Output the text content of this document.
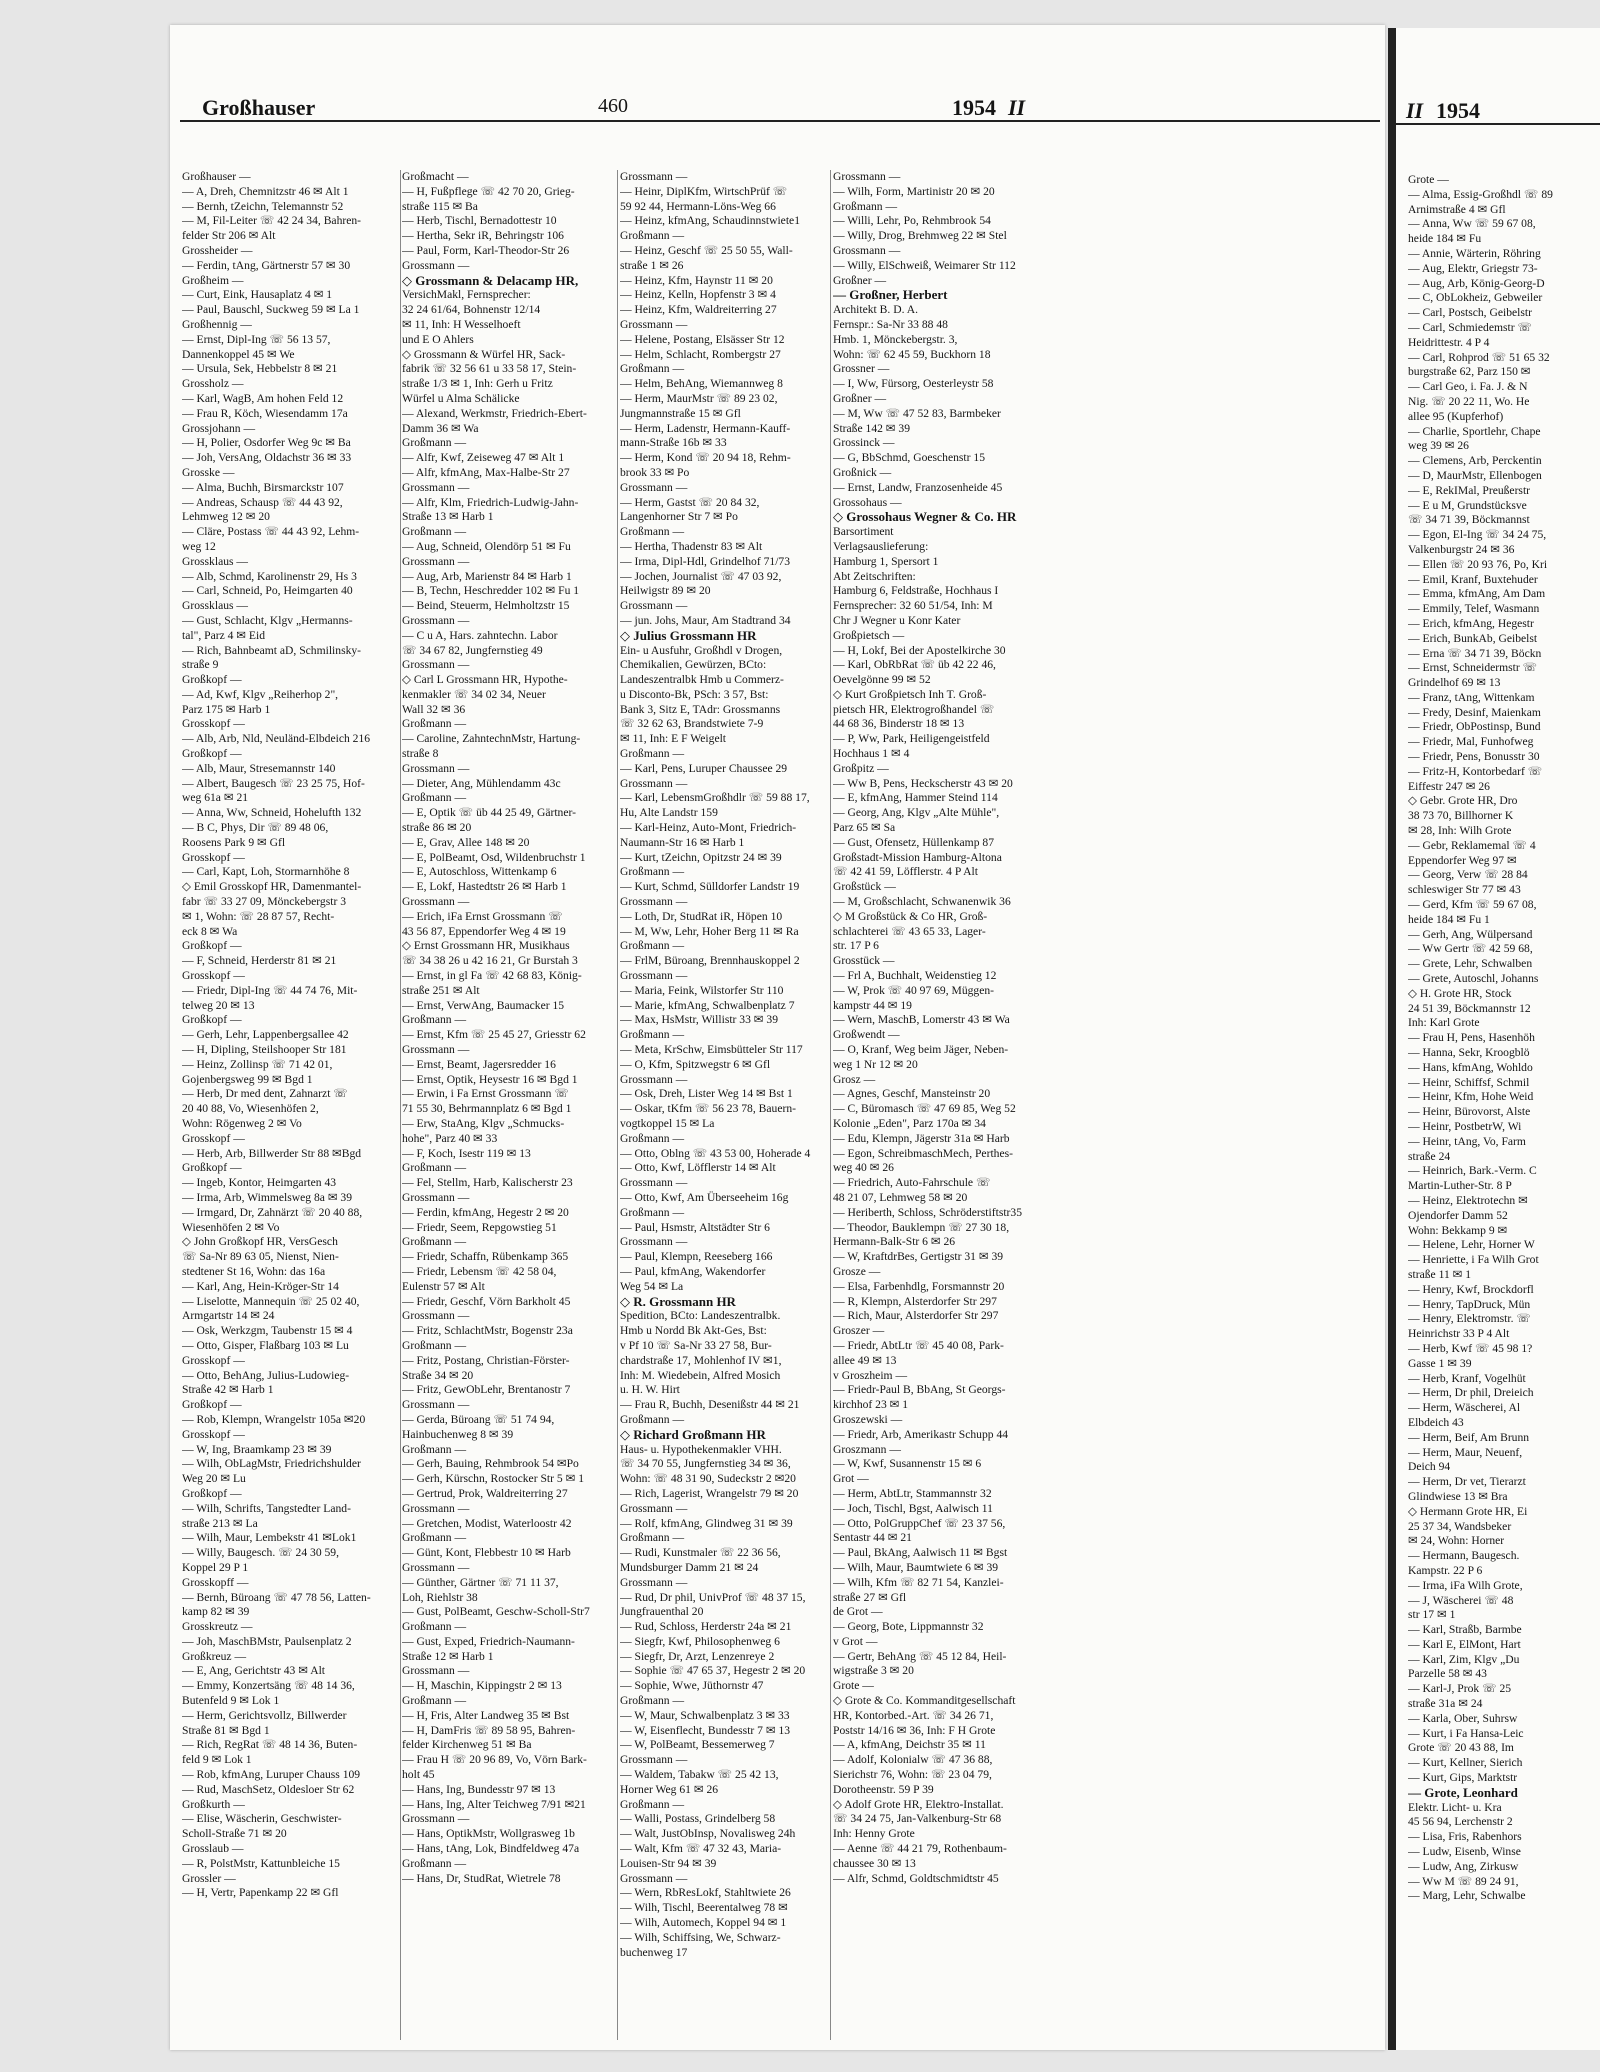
Großhauser	460	1954 II
Großhauser —
— A, Dreh, Chemnitzstr 46 ✉ Alt 1
— Bernh, tZeichn, Telemannstr 52
— M, Fil-Leiter ☏ 42 24 34, Bahren-
felder Str 206 ✉ Alt
Grossheider —
— Ferdin, tAng, Gärtnerstr 57 ✉ 30
Großheim —
— Curt, Eink, Hausaplatz 4 ✉ 1
— Paul, Bauschl, Suckweg 59 ✉ La 1
Großhennig —
— Ernst, Dipl-Ing ☏ 56 13 57,
Dannenkoppel 45 ✉ We
— Ursula, Sek, Hebbelstr 8 ✉ 21
Grossholz —
— Karl, WagB, Am hohen Feld 12
— Frau R, Köch, Wiesendamm 17a
Grossjohann —
— H, Polier, Osdorfer Weg 9c ✉ Ba
— Joh, VersAng, Oldachstr 36 ✉ 33
Grosske —
— Alma, Buchh, Birsmarckstr 107
— Andreas, Schausp ☏ 44 43 92,
Lehmweg 12 ✉ 20
— Cläre, Postass ☏ 44 43 92, Lehm-
weg 12
Grossklaus —
— Alb, Schmd, Karolinenstr 29, Hs 3
— Carl, Schneid, Po, Heimgarten 40
Grossklaus —
— Gust, Schlacht, Klgv „Hermanns-
tal", Parz 4 ✉ Eid
— Rich, Bahnbeamt aD, Schmilinsky-
straße 9
Großkopf —
— Ad, Kwf, Klgv „Reiherhop 2",
Parz 175 ✉ Harb 1
Grosskopf —
— Alb, Arb, Nld, Neuländ-Elbdeich 216
Großkopf —
— Alb, Maur, Stresemannstr 140
— Albert, Baugesch ☏ 23 25 75, Hof-
weg 61a ✉ 21
— Anna, Ww, Schneid, Hohelufth 132
— B C, Phys, Dir ☏ 89 48 06,
Roosens Park 9 ✉ Gfl
Grosskopf —
— Carl, Kapt, Loh, Stormarnhöhe 8
◇ Emil Grosskopf HR, Damenmantel-
fabr ☏ 33 27 09, Mönckebergstr 3
✉ 1, Wohn: ☏ 28 87 57, Recht-
eck 8 ✉ Wa
Großkopf —
— F, Schneid, Herderstr 81 ✉ 21
Grosskopf —
— Friedr, Dipl-Ing ☏ 44 74 76, Mit-
telweg 20 ✉ 13
Großkopf —
— Gerh, Lehr, Lappenbergsallee 42
— H, Dipling, Steilshooper Str 181
— Heinz, Zollinsp ☏ 71 42 01,
Gojenbergsweg 99 ✉ Bgd 1
— Herb, Dr med dent, Zahnarzt ☏
20 40 88, Vo, Wiesenhöfen 2,
Wohn: Rögenweg 2 ✉ Vo
Grosskopf —
— Herb, Arb, Billwerder Str 88 ✉Bgd
Großkopf —
— Ingeb, Kontor, Heimgarten 43
— Irma, Arb, Wimmelsweg 8a ✉ 39
— Irmgard, Dr, Zahnärzt ☏ 20 40 88,
Wiesenhöfen 2 ✉ Vo
◇ John Großkopf HR, VersGesch
☏ Sa-Nr 89 63 05, Nienst, Nien-
stedtener St 16, Wohn: das 16a
— Karl, Ang, Hein-Kröger-Str 14
— Liselotte, Mannequin ☏ 25 02 40,
Armgartstr 14 ✉ 24
— Osk, Werkzgm, Taubenstr 15 ✉ 4
— Otto, Gisper, Flaßbarg 103 ✉ Lu
Grosskopf —
— Otto, BehAng, Julius-Ludowieg-
Straße 42 ✉ Harb 1
Großkopf —
— Rob, Klempn, Wrangelstr 105a ✉20
Grosskopf —
— W, Ing, Braamkamp 23 ✉ 39
— Wilh, ObLagMstr, Friedrichshulder
Weg 20 ✉ Lu
Großkopf —
— Wilh, Schrifts, Tangstedter Land-
straße 213 ✉ La
— Wilh, Maur, Lembekstr 41 ✉Lok1
— Willy, Baugesch. ☏ 24 30 59,
Koppel 29 P 1
Grosskopff —
— Bernh, Büroang ☏ 47 78 56, Latten-
kamp 82 ✉ 39
Grosskreutz —
— Joh, MaschBMstr, Paulsenplatz 2
Großkreuz —
— E, Ang, Gerichtstr 43 ✉ Alt
— Emmy, Konzertsäng ☏ 48 14 36,
Butenfeld 9 ✉ Lok 1
— Herm, Gerichtsvollz, Billwerder
Straße 81 ✉ Bgd 1
— Rich, RegRat ☏ 48 14 36, Buten-
feld 9 ✉ Lok 1
— Rob, kfmAng, Luruper Chauss 109
— Rud, MaschSetz, Oldesloer Str 62
Großkurth —
— Elise, Wäscherin, Geschwister-
Scholl-Straße 71 ✉ 20
Grosslaub —
— R, PolstMstr, Kattunbleiche 15
Grossler —
— H, Vertr, Papenkamp 22 ✉ Gfl
Großmacht —
— H, Fußpflege ☏ 42 70 20, Grieg-
straße 115 ✉ Ba
— Herb, Tischl, Bernadottestr 10
— Hertha, Sekr iR, Behringstr 106
— Paul, Form, Karl-Theodor-Str 26
Grossmann —
◇ Grossmann & Delacamp HR,
VersichMakl, Fernsprecher:
32 24 61/64, Bohnenstr 12/14
✉ 11, Inh: H Wesselhoeft
und E O Ahlers
◇ Grossmann & Würfel HR, Sack-
fabrik ☏ 32 56 61 u 33 58 17, Stein-
straße 1/3 ✉ 1, Inh: Gerh u Fritz
Würfel u Alma Schälicke
— Alexand, Werkmstr, Friedrich-Ebert-
Damm 36 ✉ Wa
Großmann —
— Alfr, Kwf, Zeiseweg 47 ✉ Alt 1
— Alfr, kfmAng, Max-Halbe-Str 27
Grossmann —
— Alfr, Klm, Friedrich-Ludwig-Jahn-
Straße 13 ✉ Harb 1
Großmann —
— Aug, Schneid, Olendörp 51 ✉ Fu
Grossmann —
— Aug, Arb, Marienstr 84 ✉ Harb 1
— B, Techn, Heschredder 102 ✉ Fu 1
— Beind, Steuerm, Helmholtzstr 15
Grossmann —
— C u A, Hars. zahntechn. Labor
☏ 34 67 82, Jungfernstieg 49
Grossmann —
◇ Carl L Grossmann HR, Hypothe-
kenmakler ☏ 34 02 34, Neuer
Wall 32 ✉ 36
Großmann —
— Caroline, ZahntechnMstr, Hartung-
straße 8
Grossmann —
— Dieter, Ang, Mühlendamm 43c
Großmann —
— E, Optik ☏ üb 44 25 49, Gärtner-
straße 86 ✉ 20
— E, Grav, Allee 148 ✉ 20
— E, PolBeamt, Osd, Wildenbruchstr 1
— E, Autoschloss, Wittenkamp 6
— E, Lokf, Hastedtstr 26 ✉ Harb 1
Grossmann —
— Erich, iFa Ernst Grossmann ☏
43 56 87, Eppendorfer Weg 4 ✉ 19
◇ Ernst Grossmann HR, Musikhaus
☏ 34 38 26 u 42 16 21, Gr Burstah 3
— Ernst, in gl Fa ☏ 42 68 83, König-
straße 251 ✉ Alt
— Ernst, VerwAng, Baumacker 15
Großmann —
— Ernst, Kfm ☏ 25 45 27, Griesstr 62
Grossmann —
— Ernst, Beamt, Jagersredder 16
— Ernst, Optik, Heysestr 16 ✉ Bgd 1
— Erwin, i Fa Ernst Grossmann ☏
71 55 30, Behrmannplatz 6 ✉ Bgd 1
— Erw, StaAng, Klgv „Schmucks-
hohe", Parz 40 ✉ 33
— F, Koch, Isestr 119 ✉ 13
Großmann —
— Fel, Stellm, Harb, Kalischerstr 23
Grossmann —
— Ferdin, kfmAng, Hegestr 2 ✉ 20
— Friedr, Seem, Repgowstieg 51
Großmann —
— Friedr, Schaffn, Rübenkamp 365
— Friedr, Lebensm ☏ 42 58 04,
Eulenstr 57 ✉ Alt
— Friedr, Geschf, Vörn Barkholt 45
Grossmann —
— Fritz, SchlachtMstr, Bogenstr 23a
Großmann —
— Fritz, Postang, Christian-Förster-
Straße 34 ✉ 20
— Fritz, GewObLehr, Brentanostr 7
Grossmann —
— Gerda, Büroang ☏ 51 74 94,
Hainbuchenweg 8 ✉ 39
Großmann —
— Gerh, Bauing, Rehmbrook 54 ✉Po
— Gerh, Kürschn, Rostocker Str 5 ✉ 1
— Gertrud, Prok, Waldreiterring 27
Grossmann —
— Gretchen, Modist, Waterloostr 42
Großmann —
— Günt, Kont, Flebbestr 10 ✉ Harb
Grossmann —
— Günther, Gärtner ☏ 71 11 37,
Loh, Riehlstr 38
— Gust, PolBeamt, Geschw-Scholl-Str7
Großmann —
— Gust, Exped, Friedrich-Naumann-
Straße 12 ✉ Harb 1
Grossmann —
— H, Maschin, Kippingstr 2 ✉ 13
Großmann —
— H, Fris, Alter Landweg 35 ✉ Bst
— H, DamFris ☏ 89 58 95, Bahren-
felder Kirchenweg 51 ✉ Ba
— Frau H ☏ 20 96 89, Vo, Vörn Bark-
holt 45
— Hans, Ing, Bundesstr 97 ✉ 13
— Hans, Ing, Alter Teichweg 7/91 ✉21
Grossmann —
— Hans, OptikMstr, Wollgrasweg 1b
— Hans, tAng, Lok, Bindfeldweg 47a
Großmann —
— Hans, Dr, StudRat, Wietrele 78
Grossmann —
— Heinr, DiplKfm, WirtschPrüf ☏
59 92 44, Hermann-Löns-Weg 66
— Heinz, kfmAng, Schaudinnstwiete1
Großmann —
— Heinz, Geschf ☏ 25 50 55, Wall-
straße 1 ✉ 26
— Heinz, Kfm, Haynstr 11 ✉ 20
— Heinz, Kelln, Hopfenstr 3 ✉ 4
— Heinz, Kfm, Waldreiterring 27
Grossmann —
— Helene, Postang, Elsässer Str 12
— Helm, Schlacht, Rombergstr 27
Großmann —
— Helm, BehAng, Wiemannweg 8
— Herm, MaurMstr ☏ 89 23 02,
Jungmannstraße 15 ✉ Gfl
— Herm, Ladenstr, Hermann-Kauff-
mann-Straße 16b ✉ 33
— Herm, Kond ☏ 20 94 18, Rehm-
brook 33 ✉ Po
Grossmann —
— Herm, Gastst ☏ 20 84 32,
Langenhorner Str 7 ✉ Po
Großmann —
— Hertha, Thadenstr 83 ✉ Alt
— Irma, Dipl-Hdl, Grindelhof 71/73
— Jochen, Journalist ☏ 47 03 92,
Heilwigstr 89 ✉ 20
Grossmann —
— jun. Johs, Maur, Am Stadtrand 34
◇ Julius Grossmann HR
Ein- u Ausfuhr, Großhdl v Drogen,
Chemikalien, Gewürzen, BCto:
Landeszentralbk Hmb u Commerz-
u Disconto-Bk, PSch: 3 57, Bst:
Bank 3, Sitz E, TAdr: Grossmanns
☏ 32 62 63, Brandstwiete 7-9
✉ 11, Inh: E F Weigelt
Großmann —
— Karl, Pens, Luruper Chaussee 29
Grossmann —
— Karl, LebensmGroßhdlr ☏ 59 88 17,
Hu, Alte Landstr 159
— Karl-Heinz, Auto-Mont, Friedrich-
Naumann-Str 16 ✉ Harb 1
— Kurt, tZeichn, Opitzstr 24 ✉ 39
Großmann —
— Kurt, Schmd, Sülldorfer Landstr 19
Grossmann —
— Loth, Dr, StudRat iR, Höpen 10
— M, Ww, Lehr, Hoher Berg 11 ✉ Ra
Großmann —
— FrlM, Büroang, Brennhauskoppel 2
Grossmann —
— Maria, Feink, Wilstorfer Str 110
— Marie, kfmAng, Schwalbenplatz 7
— Max, HsMstr, Willistr 33 ✉ 39
Großmann —
— Meta, KrSchw, Eimsbütteler Str 117
— O, Kfm, Spitzwegstr 6 ✉ Gfl
Grossmann —
— Osk, Dreh, Lister Weg 14 ✉ Bst 1
— Oskar, tKfm ☏ 56 23 78, Bauern-
vogtkoppel 15 ✉ La
Großmann —
— Otto, Oblng ☏ 43 53 00, Hoherade 4
— Otto, Kwf, Löfflerstr 14 ✉ Alt
Grossmann —
— Otto, Kwf, Am Überseeheim 16g
Großmann —
— Paul, Hsmstr, Altstädter Str 6
Grossmann —
— Paul, Klempn, Reeseberg 166
— Paul, kfmAng, Wakendorfer
Weg 54 ✉ La
◇ R. Grossmann HR
Spedition, BCto: Landeszentralbk.
Hmb u Nordd Bk Akt-Ges, Bst:
v Pf 10 ☏ Sa-Nr 33 27 58, Bur-
chardstraße 17, Mohlenhof IV ✉1,
Inh: M. Wiedebein, Alfred Mosich
u. H. W. Hirt
— Frau R, Buchh, Desenißstr 44 ✉ 21
Großmann —
◇ Richard Großmann HR
Haus- u. Hypothekenmakler VHH.
☏ 34 70 55, Jungfernstieg 34 ✉ 36,
Wohn: ☏ 48 31 90, Sudeckstr 2 ✉20
— Rich, Lagerist, Wrangelstr 79 ✉ 20
Grossmann —
— Rolf, kfmAng, Glindweg 31 ✉ 39
Großmann —
— Rudi, Kunstmaler ☏ 22 36 56,
Mundsburger Damm 21 ✉ 24
Grossmann —
— Rud, Dr phil, UnivProf ☏ 48 37 15,
Jungfrauenthal 20
— Rud, Schloss, Herderstr 24a ✉ 21
— Siegfr, Kwf, Philosophenweg 6
— Siegfr, Dr, Arzt, Lenzenreye 2
— Sophie ☏ 47 65 37, Hegestr 2 ✉ 20
— Sophie, Wwe, Jüthornstr 47
Großmann —
— W, Maur, Schwalbenplatz 3 ✉ 33
— W, Eisenflecht, Bundesstr 7 ✉ 13
— W, PolBeamt, Bessemerweg 7
Grossmann —
— Waldem, Tabakw ☏ 25 42 13,
Horner Weg 61 ✉ 26
Großmann —
— Walli, Postass, Grindelberg 58
— Walt, JustObInsp, Novalisweg 24h
— Walt, Kfm ☏ 47 32 43, Maria-
Louisen-Str 94 ✉ 39
Grossmann —
— Wern, RbResLokf, Stahltwiete 26
— Wilh, Tischl, Beerentalweg 78 ✉
— Wilh, Automech, Koppel 94 ✉ 1
— Wilh, Schiffsing, We, Schwarz-
buchenweg 17
Grossmann —
— Wilh, Form, Martinistr 20 ✉ 20
Großmann —
— Willi, Lehr, Po, Rehmbrook 54
— Willy, Drog, Brehmweg 22 ✉ Stel
Grossmann —
— Willy, ElSchweiß, Weimarer Str 112
Großner —
— Großner, Herbert
Architekt B. D. A.
Fernspr.: Sa-Nr 33 88 48
Hmb. 1, Mönckebergstr. 3,
Wohn: ☏ 62 45 59, Buckhorn 18
Grossner —
— I, Ww, Fürsorg, Oesterleystr 58
Großner —
— M, Ww ☏ 47 52 83, Barmbeker
Straße 142 ✉ 39
Grossinck —
— G, BbSchmd, Goeschenstr 15
Großnick —
— Ernst, Landw, Franzosenheide 45
Grossohaus —
◇ Grossohaus Wegner & Co. HR
Barsortiment
Verlagsauslieferung:
Hamburg 1, Spersort 1
Abt Zeitschriften:
Hamburg 6, Feldstraße, Hochhaus I
Fernsprecher: 32 60 51/54, Inh: M
Chr J Wegner u Konr Kater
Großpietsch —
— H, Lokf, Bei der Apostelkirche 30
— Karl, ObRbRat ☏ üb 42 22 46,
Oevelgönne 99 ✉ 52
◇ Kurt Großpietsch Inh T. Groß-
pietsch HR, Elektrogroßhandel ☏
44 68 36, Binderstr 18 ✉ 13
— P, Ww, Park, Heiligengeistfeld
Hochhaus 1 ✉ 4
Großpitz —
— Ww B, Pens, Heckscherstr 43 ✉ 20
— E, kfmAng, Hammer Steind 114
— Georg, Ang, Klgv „Alte Mühle",
Parz 65 ✉ Sa
— Gust, Ofensetz, Hüllenkamp 87
Großstadt-Mission Hamburg-Altona
☏ 42 41 59, Löfflerstr. 4 P Alt
Großstück —
— M, Großschlacht, Schwanenwik 36
◇ M Großstück & Co HR, Groß-
schlachterei ☏ 43 65 33, Lager-
str. 17 P 6
Grosstück —
— Frl A, Buchhalt, Weidenstieg 12
— W, Prok ☏ 40 97 69, Müggen-
kampstr 44 ✉ 19
— Wern, MaschB, Lomerstr 43 ✉ Wa
Großwendt —
— O, Kranf, Weg beim Jäger, Neben-
weg 1 Nr 12 ✉ 20
Grosz —
— Agnes, Geschf, Mansteinstr 20
— C, Büromasch ☏ 47 69 85, Weg 52
Kolonie „Eden", Parz 170a ✉ 34
— Edu, Klempn, Jägerstr 31a ✉ Harb
— Egon, SchreibmaschMech, Perthes-
weg 40 ✉ 26
— Friedrich, Auto-Fahrschule ☏
48 21 07, Lehmweg 58 ✉ 20
— Heriberth, Schloss, Schröderstiftstr35
— Theodor, Bauklempn ☏ 27 30 18,
Hermann-Balk-Str 6 ✉ 26
— W, KraftdrBes, Gertigstr 31 ✉ 39
Grosze —
— Elsa, Farbenhdlg, Forsmannstr 20
— R, Klempn, Alsterdorfer Str 297
— Rich, Maur, Alsterdorfer Str 297
Groszer —
— Friedr, AbtLtr ☏ 45 40 08, Park-
allee 49 ✉ 13
v Groszheim —
— Friedr-Paul B, BbAng, St Georgs-
kirchhof 23 ✉ 1
Groszewski —
— Friedr, Arb, Amerikastr Schupp 44
Groszmann —
— W, Kwf, Susannenstr 15 ✉ 6
Grot —
— Herm, AbtLtr, Stammannstr 32
— Joch, Tischl, Bgst, Aalwisch 11
— Otto, PolGruppChef ☏ 23 37 56,
Sentastr 44 ✉ 21
— Paul, BkAng, Aalwisch 11 ✉ Bgst
— Wilh, Maur, Baumtwiete 6 ✉ 39
— Wilh, Kfm ☏ 82 71 54, Kanzlei-
straße 27 ✉ Gfl
de Grot —
— Georg, Bote, Lippmannstr 32
v Grot —
— Gertr, BehAng ☏ 45 12 84, Heil-
wigstraße 3 ✉ 20
Grote —
◇ Grote & Co. Kommanditgesellschaft
HR, Kontorbed.-Art. ☏ 34 26 71,
Poststr 14/16 ✉ 36, Inh: F H Grote
— A, kfmAng, Deichstr 35 ✉ 11
— Adolf, Kolonialw ☏ 47 36 88,
Sierichstr 76, Wohn: ☏ 23 04 79,
Dorotheenstr. 59 P 39
◇ Adolf Grote HR, Elektro-Installat.
☏ 34 24 75, Jan-Valkenburg-Str 68
Inh: Henny Grote
— Aenne ☏ 44 21 79, Rothenbaum-
chaussee 30 ✉ 13
— Alfr, Schmd, Goldtschmidtstr 45
II 1954
Grote —
— Alma, Essig-Großhdl ☏ 89
Arnimstraße 4 ✉ Gfl
— Anna, Ww ☏ 59 67 08,
heide 184 ✉ Fu
— Annie, Wärterin, Röhring
— Aug, Elektr, Griegstr 73-
— Aug, Arb, König-Georg-D
— C, ObLokheiz, Gebweiler
— Carl, Postsch, Geibelstr
— Carl, Schmiedemstr ☏
Heidrittestr. 4 P 4
— Carl, Rohprod ☏ 51 65 32
burgstraße 62, Parz 150 ✉
— Carl Geo, i. Fa. J. & N
Nig. ☏ 20 22 11, Wo. He
allee 95 (Kupferhof)
— Charlie, Sportlehr, Chape
weg 39 ✉ 26
— Clemens, Arb, Perckentin
— D, MaurMstr, Ellenbogen
— E, RekIMal, Preußerstr
— E u M, Grundstücksve
☏ 34 71 39, Böckmannst
— Egon, El-Ing ☏ 34 24 75,
Valkenburgstr 24 ✉ 36
— Ellen ☏ 20 93 76, Po, Kri
— Emil, Kranf, Buxtehuder
— Emma, kfmAng, Am Dam
— Emmily, Telef, Wasmann
— Erich, kfmAng, Hegestr
— Erich, BunkAb, Geibelst
— Erna ☏ 34 71 39, Böckn
— Ernst, Schneidermstr ☏
Grindelhof 69 ✉ 13
— Franz, tAng, Wittenkam
— Fredy, Desinf, Maienkam
— Friedr, ObPostinsp, Bund
— Friedr, Mal, Funhofweg
— Friedr, Pens, Bonusstr 30
— Fritz-H, Kontorbedarf ☏
Eiffestr 247 ✉ 26
◇ Gebr. Grote HR, Dro
38 73 70, Billhorner K
✉ 28, Inh: Wilh Grote
— Gebr, Reklamemal ☏ 4
Eppendorfer Weg 97 ✉
— Georg, Verw ☏ 28 84
schleswiger Str 77 ✉ 43
— Gerd, Kfm ☏ 59 67 08,
heide 184 ✉ Fu 1
— Gerh, Ang, Wülpersand
— Ww Gertr ☏ 42 59 68,
— Grete, Lehr, Schwalben
— Grete, Autoschl, Johanns
◇ H. Grote HR, Stock
24 51 39, Böckmannstr 12
Inh: Karl Grote
— Frau H, Pens, Hasenhöh
— Hanna, Sekr, Kroogblö
— Hans, kfmAng, Wohldo
— Heinr, Schiffsf, Schmil
— Heinr, Kfm, Hohe Weid
— Heinr, Bürovorst, Alste
— Heinr, PostbetrW, Wi
— Heinr, tAng, Vo, Farm
straße 24
— Heinrich, Bark.-Verm. C
Martin-Luther-Str. 8 P
— Heinz, Elektrotechn ✉
Ojendorfer Damm 52
Wohn: Bekkamp 9 ✉
— Helene, Lehr, Horner W
— Henriette, i Fa Wilh Grot
straße 11 ✉ 1
— Henry, Kwf, Brockdorfl
— Henry, TapDruck, Mün
— Henry, Elektromstr. ☏
Heinrichstr 33 P 4 Alt
— Herb, Kwf ☏ 45 98 1?
Gasse 1 ✉ 39
— Herb, Kranf, Vogelhüt
— Herm, Dr phil, Dreieich
— Herm, Wäscherei, Al
Elbdeich 43
— Herm, Beif, Am Brunn
— Herm, Maur, Neuenf,
Deich 94
— Herm, Dr vet, Tierarzt
Glindwiese 13 ✉ Bra
◇ Hermann Grote HR, Ei
25 37 34, Wandsbeker
✉ 24, Wohn: Horner
— Hermann, Baugesch.
Kampstr. 22 P 6
— Irma, iFa Wilh Grote,
— J, Wäscherei ☏ 48
str 17 ✉ 1
— Karl, Straßb, Barmbe
— Karl E, ElMont, Hart
— Karl, Zim, Klgv „Du
Parzelle 58 ✉ 43
— Karl-J, Prok ☏ 25
straße 31a ✉ 24
— Karla, Ober, Suhrsw
— Kurt, i Fa Hansa-Leic
Grote ☏ 20 43 88, Im
— Kurt, Kellner, Sierich
— Kurt, Gips, Marktstr
— Grote, Leonhard
Elektr. Licht- u. Kra
45 56 94, Lerchenstr 2
— Lisa, Fris, Rabenhors
— Ludw, Eisenb, Winse
— Ludw, Ang, Zirkusw
— Ww M ☏ 89 24 91,
— Marg, Lehr, Schwalbe
